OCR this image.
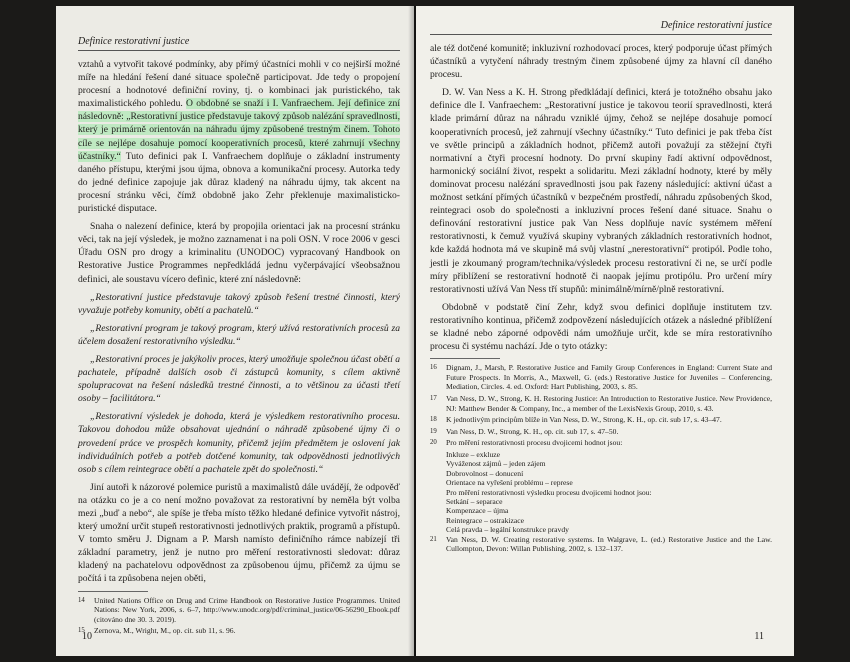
Definice restorativní justice

vztahů a vytvořit takové podmínky, aby přímý účastníci mohli v co nejširší možné míře na hledání řešení dané situace společně participovat. Jde tedy o propojení procesní a hodnotové definiční roviny, tj. o kombinaci jak puristického, tak maximalistického pohledu. O obdobné se snaží i I. Vanfraechem. Její definice zní následovně: „Restorativní justice představuje takový způsob nalézání spravedlnosti, který je primárně orientován na náhradu újmy způsobené trestným činem. Tohoto cíle se nejlépe dosahuje pomocí kooperativních procesů, které zahrnují všechny účastníky.“ Tuto definici pak I. Vanfraechem doplňuje o základní instrumenty daného přístupu, kterými jsou újma, obnova a komunikační procesy. Autorka tedy do jedné definice zapojuje jak důraz kladený na náhradu újmy, tak akcent na procesní stránku věci, čímž obdobně jako Zehr překlenuje maximalisticko-puristické disputace.

Snaha o nalezení definice, která by propojila orientaci jak na procesní stránku věci, tak na její výsledek, je možno zaznamenat i na poli OSN. V roce 2006 v gesci Úřadu OSN pro drogy a kriminalitu (UNODOC) vypracovaný Handbook on Restorative Justice Programmes nepředkládá jednu vyčerpávající všeobsažnou definici, ale soustavu vícero definic, které zní následovně:

„Restorativní justice představuje takový způsob řešení trestné činnosti, který vyvažuje potřeby komunity, obětí a pachatelů.“

„Restorativní program je takový program, který užívá restorativních procesů za účelem dosažení restorativního výsledku.“

„Restorativní proces je jakýkoliv proces, který umožňuje společnou účast obětí a pachatele, případně dalších osob či zástupců komunity, s cílem aktivně spolupracovat na řešení následků trestné činnosti, a to většinou za účasti třetí osoby – facilitátora.“

„Restorativní výsledek je dohoda, která je výsledkem restorativního procesu. Takovou dohodou může obsahovat ujednání o náhradě způsobené újmy či o provedení práce ve prospěch komunity, přičemž jejím předmětem je oslovení jak individuálních potřeb a potřeb dotčené komunity, tak odpovědnosti jednotlivých osob s cílem reintegrace obětí a pachatele zpět do společnosti.“

Jiní autoři k názorové polemice puristů a maximalistů dále uvádějí, že odpověď na otázku co je a co není možno považovat za restorativní by neměla být volba mezi „buď a nebo“, ale spíše je třeba místo těžko hledané definice vytvořit nástroj, který umožní určit stupeň restorativnosti jednotlivých praktik, programů a přístupů. V tomto směru J. Dignam a P. Marsh namísto definičního rámce nabízejí tři základní parametry, jenž je nutno pro měření restorativnosti sledovat: důraz kladený na pachatelovu odpovědnost za způsobenou újmu, přičemž za újmu se počítá i ta způsobena nejen oběti,

14	United Nations Office on Drug and Crime Handbook on Restorative Justice Programmes. United Nations: New York, 2006, s. 6–7, http://www.unodc.org/pdf/criminal_justice/06-56290_Ebook.pdf (citováno dne 30. 3. 2019).
15	Zernova, M., Wright, M., op. cit. sub 11, s. 96.
10
Definice restorativní justice

ale též dotčené komunitě; inkluzivní rozhodovací proces, který podporuje účast přímých účastníků a vytyčení náhrady trestným činem způsobené újmy za hlavní cíl daného procesu.

D. W. Van Ness a K. H. Strong předkládají definici, která je totožného obsahu jako definice dle I. Vanfraechem: „Restorativní justice je takovou teorií spravedlnosti, která klade primární důraz na náhradu vzniklé újmy, čehož se nejlépe dosahuje pomocí kooperativních procesů, jež zahrnují všechny účastníky.“ Tuto definici je pak třeba číst ve světle principů a základních hodnot, přičemž autoři považují za stěžejní čtyři normativní a čtyři procesní hodnoty. Do první skupiny řadí aktivní odpovědnost, harmonický sociální život, respekt a solidaritu. Mezi základní hodnoty, které by měly dominovat procesu nalézání spravedlnosti jsou pak řazeny následující: aktivní účast a možnost setkání přímých účastníků v bezpečném prostředí, náhradu způsobených škod, reintegraci osob do společnosti a inkluzivní proces řešení dané situace. Snahu o definování restorativní justice pak Van Ness doplňuje navíc systémem měření restorativnosti, k čemuž využívá skupiny vybraných základních restorativních hodnot, kde každá hodnota má ve skupině má svůj vlastní „nerestorativní“ protipól. Podle toho, jestli je zkoumaný program/technika/výsledek procesu restorativní či ne, se určí podle míry přiblížení se restorativní hodnotě či naopak jejímu protipólu. Pro určení míry restorativnosti užívá Van Ness tří stupňů: minimálně/mírně/plně restorativní.

Obdobně v podstatě činí Zehr, když svou definici doplňuje institutem tzv. restorativního kontinua, přičemž zodpovězení následujících otázek a následné přiblížení se kladné nebo záporné odpovědi nám umožňuje určit, kde se míra restorativního procesu či systému nachází. Jde o tyto otázky:

16	Dignam, J., Marsh, P. Restorative Justice and Family Group Conferences in England: Current State and Future Prospects. In Morris, A., Maxwell, G. (eds.) Restorative Justice for Juveniles – Conferencing, Mediation, Circles. 4. ed. Oxford: Hart Publishing, 2003, s. 85.
17	Van Ness, D. W., Strong, K. H. Restoring Justice: An Introduction to Restorative Justice. New Providence, NJ: Matthew Bender & Company, Inc., a member of the LexisNexis Group, 2010, s. 43.
18	K jednotlivým principům blíže in Van Ness, D. W., Strong, K. H., op. cit. sub 17, s. 43–47.
19	Van Ness, D. W., Strong, K. H., op. cit. sub 17, s. 47–50.
20	Pro měření restorativnosti procesu dvojicemi hodnot jsou:
Inkluze – exkluze
Vyváženost zájmů – jeden zájem
Dobrovolnost – donucení
Orientace na vyřešení problému – represe
Pro měření restorativnosti výsledku procesu dvojicemi hodnot jsou:
Setkání – separace
Kompenzace – újma
Reintegrace – ostrakizace
Celá pravda – legální konstrukce pravdy
21	Van Ness, D. W. Creating restorative systems. In Walgrave, L. (ed.) Restorative Justice and the Law. Cullompton, Devon: Willan Publishing, 2002, s. 132–137.
11
